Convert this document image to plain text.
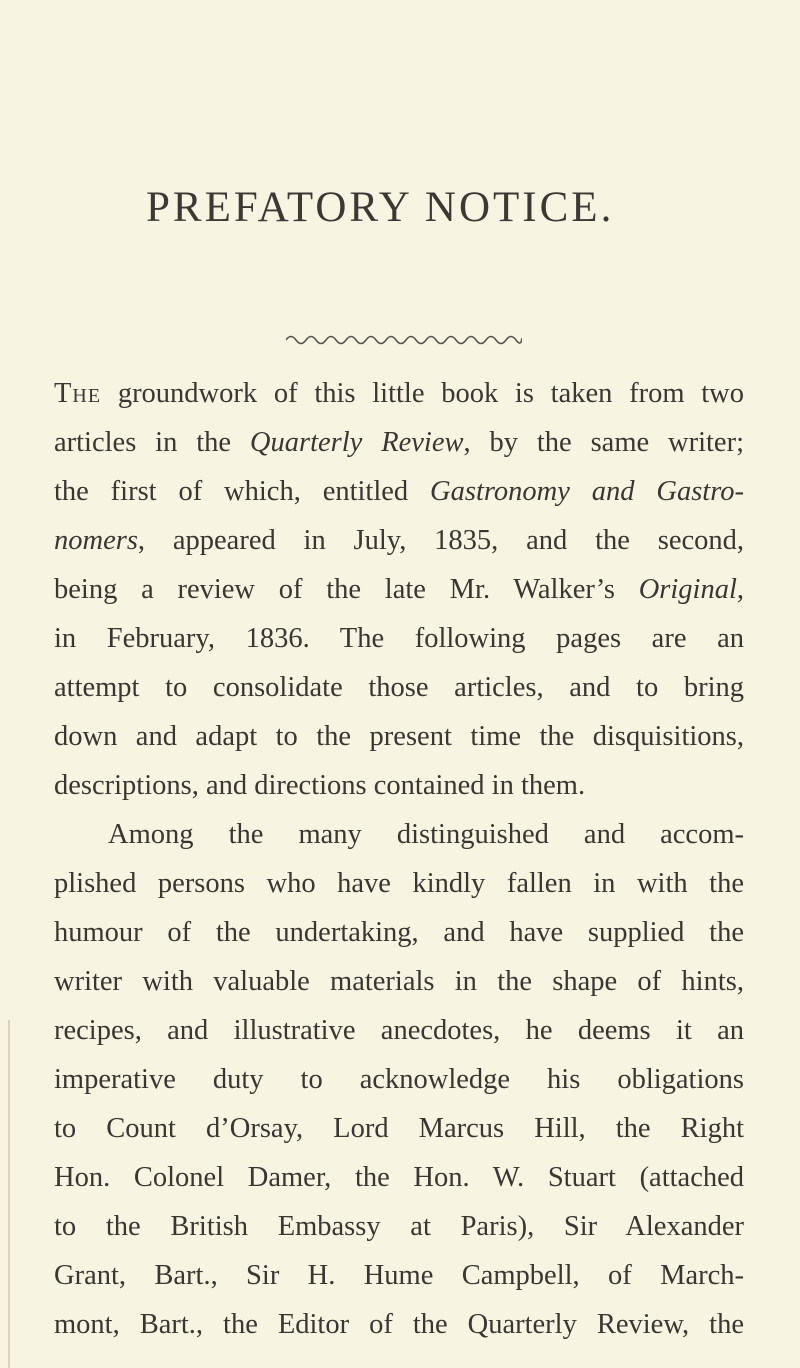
PREFATORY NOTICE.
The groundwork of this little book is taken from two
articles in the Quarterly Review, by the same writer;
the first of which, entitled Gastronomy and Gastro-
nomers, appeared in July, 1835, and the second,
being a review of the late Mr. Walker’s Original,
in February, 1836. The following pages are an
attempt to consolidate those articles, and to bring
down and adapt to the present time the disquisitions,
descriptions, and directions contained in them.
Among the many distinguished and accom-
plished persons who have kindly fallen in with the
humour of the undertaking, and have supplied the
writer with valuable materials in the shape of hints,
recipes, and illustrative anecdotes, he deems it an
imperative duty to acknowledge his obligations
to Count d’Orsay, Lord Marcus Hill, the Right
Hon. Colonel Damer, the Hon. W. Stuart (attached
to the British Embassy at Paris), Sir Alexander
Grant, Bart., Sir H. Hume Campbell, of March-
mont, Bart., the Editor of the Quarterly Review, the
